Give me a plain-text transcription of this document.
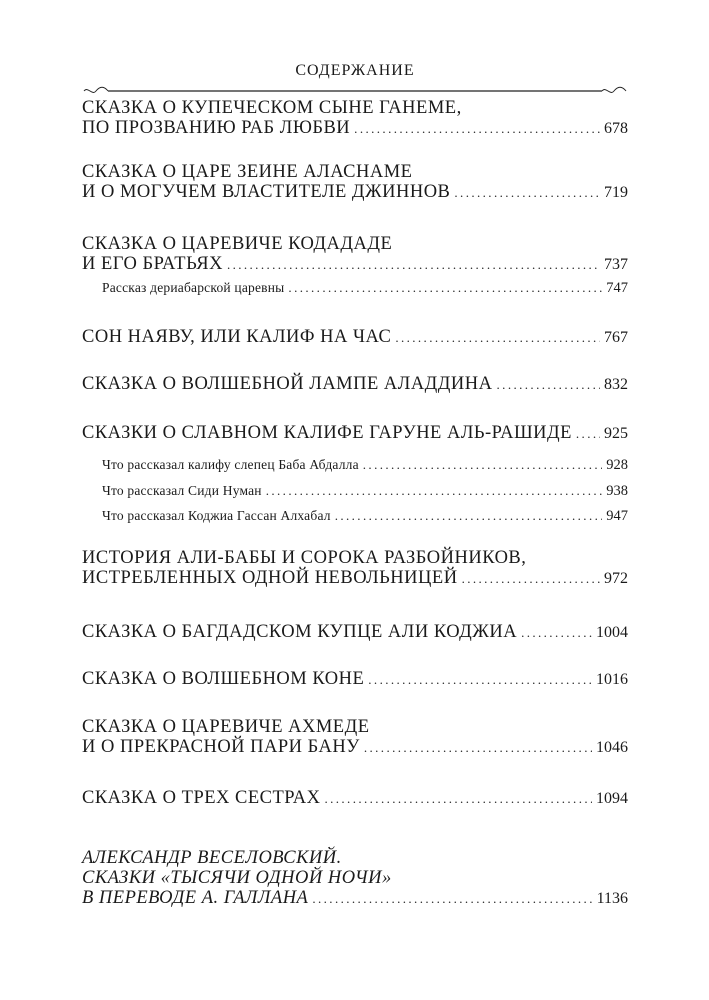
СОДЕРЖАНИЕ
СКАЗКА О КУПЕЧЕСКОМ СЫНЕ ГАНЕМЕ,
ПО ПРОЗВАНИЮ РАБ ЛЮБВИ .....	678
СКАЗКА О ЦАРЕ ЗЕИНЕ АЛАСНАМЕ
И О МОГУЧЕМ ВЛАСТИТЕЛЕ ДЖИННОВ .....	719
СКАЗКА О ЦАРЕВИЧЕ КОДАДАДЕ
И ЕГО БРАТЬЯХ .....	737
Рассказ дериабарской царевны .....	747
СОН НАЯВУ, ИЛИ КАЛИФ НА ЧАС .....	767
СКАЗКА О ВОЛШЕБНОЙ ЛАМПЕ АЛАДДИНА .....	832
СКАЗКИ О СЛАВНОМ КАЛИФЕ ГАРУНЕ АЛЬ-РАШИДЕ ..... 925
Что рассказал калифу слепец Баба Абдалла .....	928
Что рассказал Сиди Нуман .....	938
Что рассказал Коджиа Гассан Алхабал .....	947
ИСТОРИЯ АЛИ-БАБЫ И СОРОКА РАЗБОЙНИКОВ,
ИСТРЕБЛЕННЫХ ОДНОЙ НЕВОЛЬНИЦЕЙ .....	972
СКАЗКА О БАГДАДСКОМ КУПЦЕ АЛИ КОДЖИА .....	1004
СКАЗКА О ВОЛШЕБНОМ КОНЕ .....	1016
СКАЗКА О ЦАРЕВИЧЕ АХМЕДЕ
И О ПРЕКРАСНОЙ ПАРИ БАНУ .....	1046
СКАЗКА О ТРЕХ СЕСТРАХ .....	1094
АЛЕКСАНДР ВЕСЕЛОВСКИЙ.
СКАЗКИ «ТЫСЯЧИ ОДНОЙ НОЧИ»
В ПЕРЕВОДЕ А. ГАЛЛАНА .....	1136
